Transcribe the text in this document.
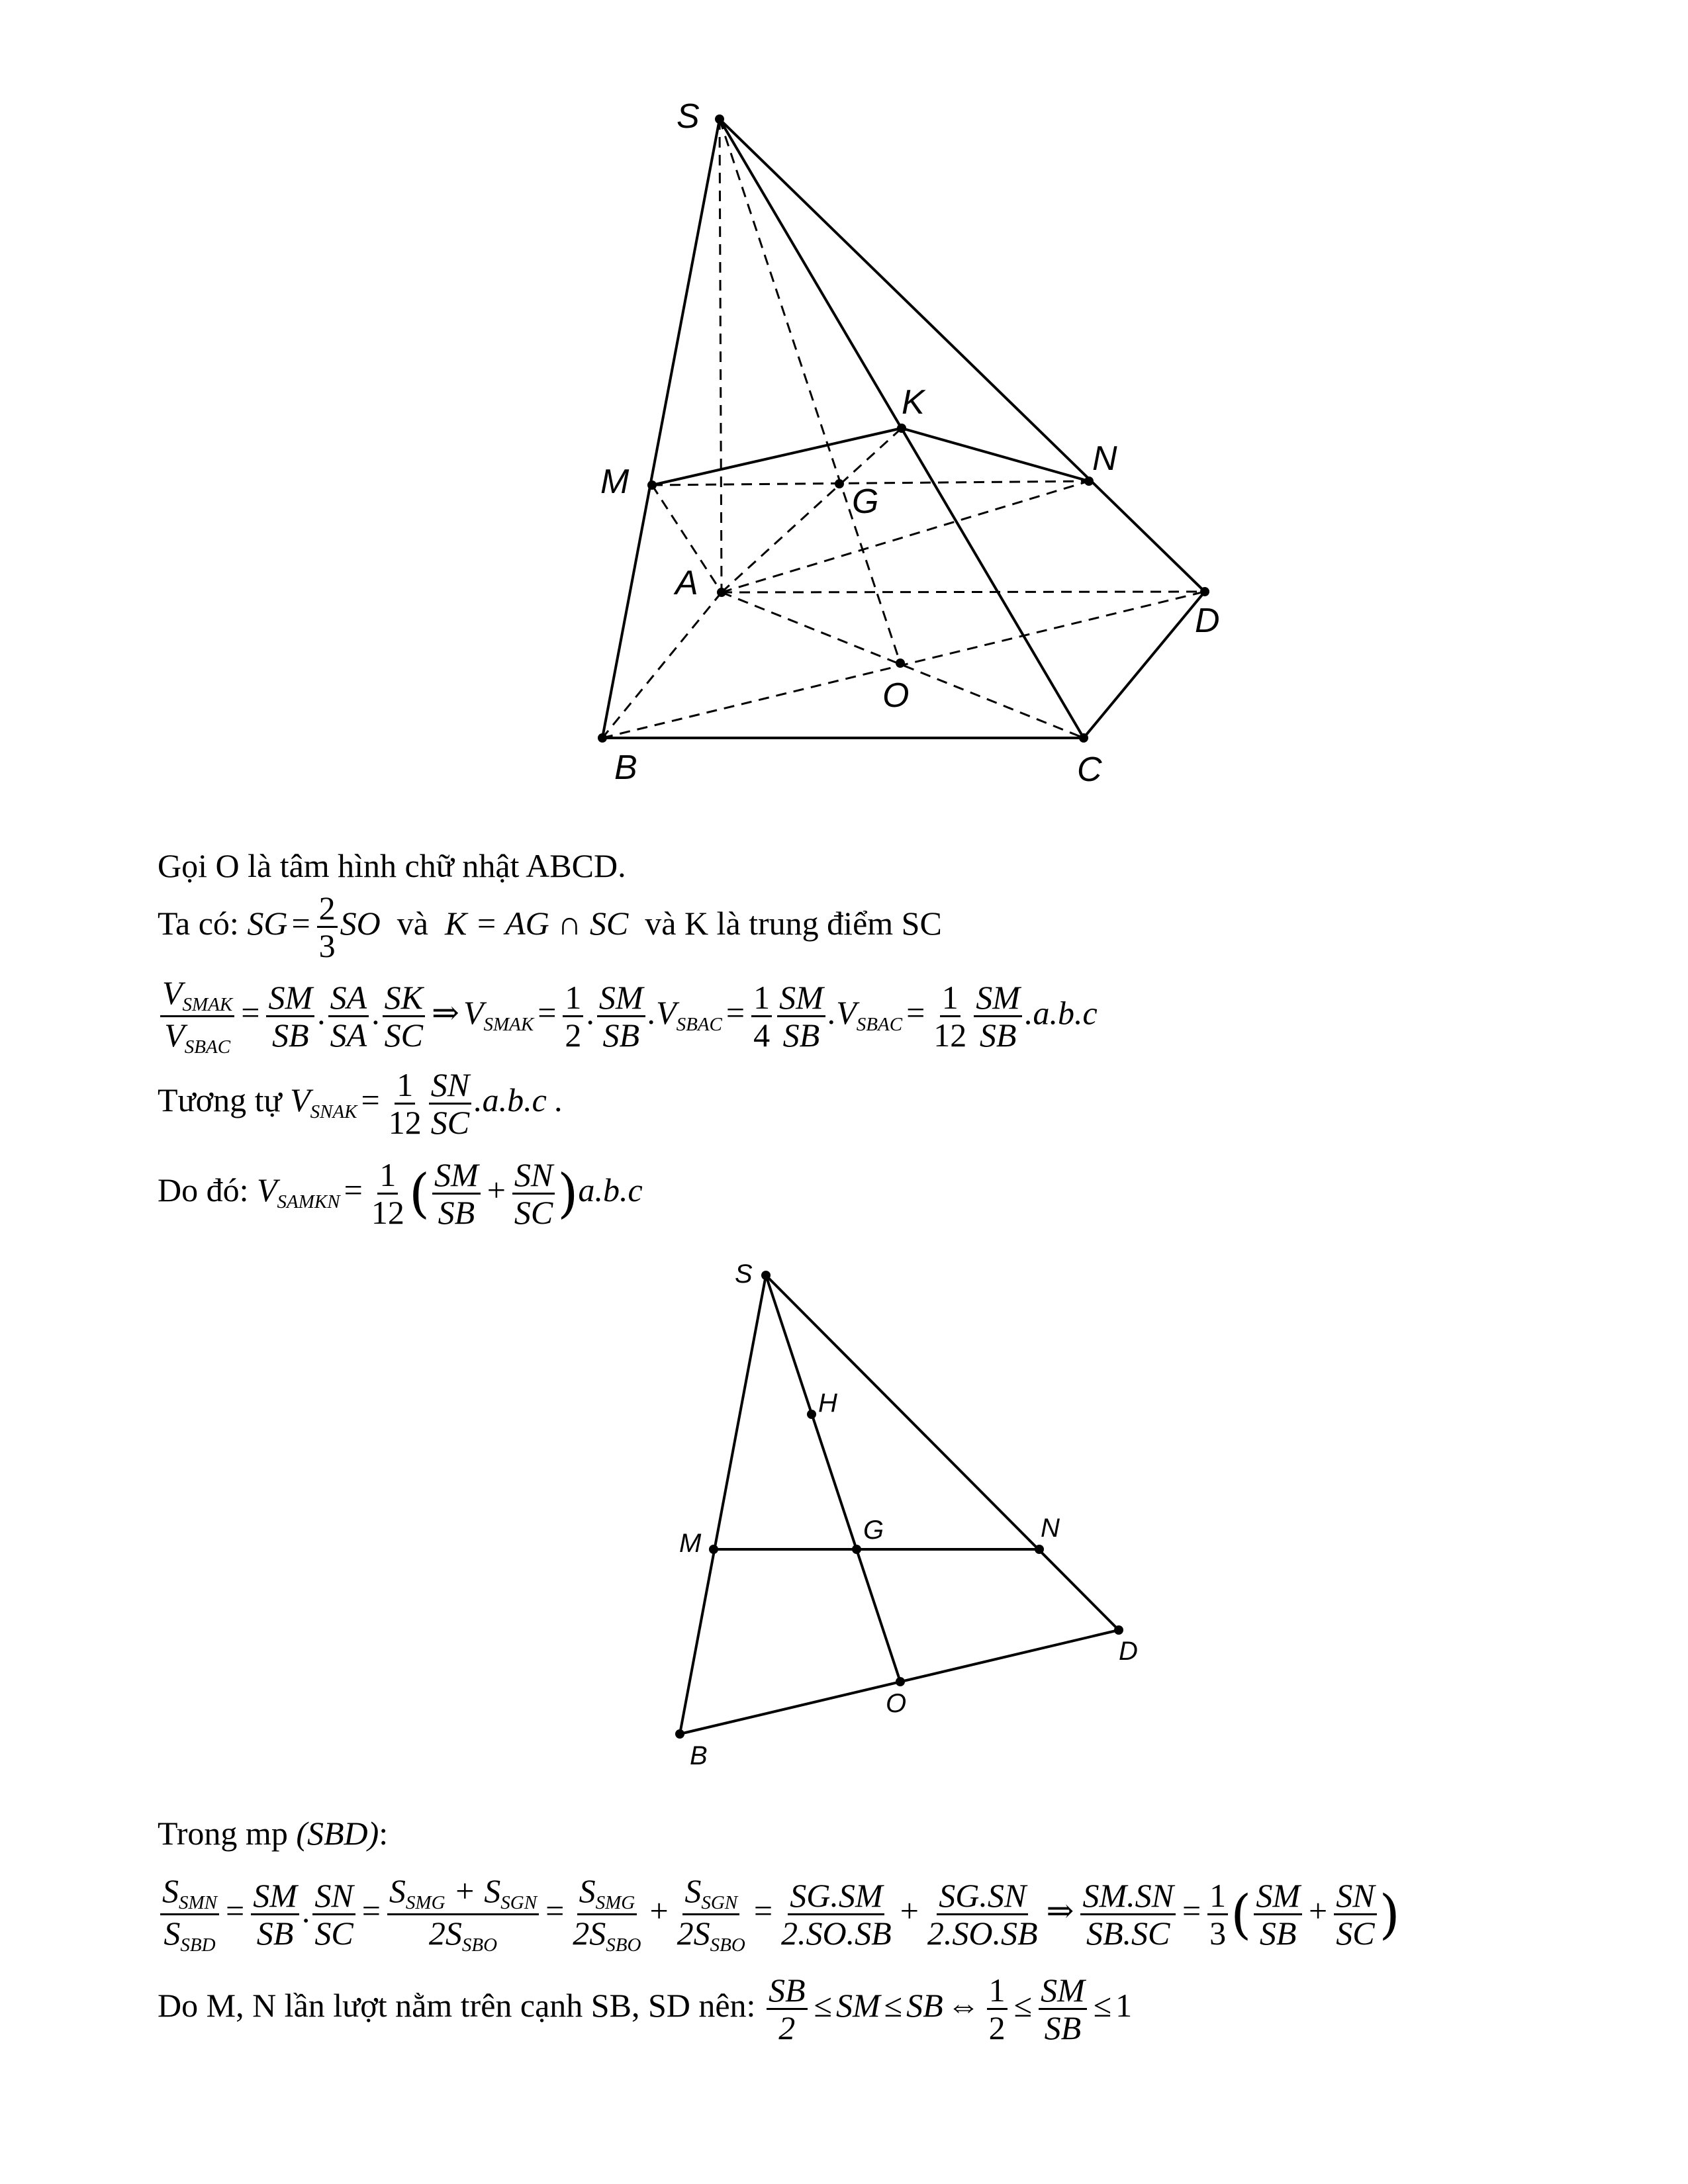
S
K
M
N
G
A
D
O
B	C
Gọi O là tâm hình chữ nhật ABCD.
Ta có: SG = $\frac{2}{3}$ SO và K = AG ∩ SC và K là trung điểm SC
$\frac{V_{SMAK}}{V_{SBAC}} = \frac{SM}{SB}$ . $\frac{SA}{SA}$ . $\frac{SK}{SC}$ ⇒ $V_{SMAK} = \frac{1}{2}$ . $\frac{SM}{SB} .V_{SBAC} = \frac{1}{4} \frac{SM}{SB} .V_{SBAC} = \frac{1}{12} \frac{SM}{SB} .a.b.c$
Tương tự $V_{SNAK} = \frac{1}{12} \frac{SN}{SC} .a.b.c$ .
Do đó: $V_{SAMKN} = \frac{1}{12}$ ( $\frac{SM}{SB} + \frac{SN}{SC} )a.b.c$
S
H
M	G	N
D
O
B
Trong mp (SBD):
$\frac{S_{SMN}}{S_{SBD}} = \frac{SM}{SB}$ . $\frac{SN}{SC} = \frac{S_{SMG} + S_{SGN}}{2S_{SBO}} = \frac{S_{SMG}}{2S_{SBO}} + \frac{S_{SGN}}{2S_{SBO}} = \frac{SG.SM}{2.SO.SB} + \frac{SG.SN}{2.SO.SB}$ ⇒ $\frac{SM.SN}{SB.SC} = \frac{1}{3}$ ( $\frac{SM}{SB} + \frac{SN}{SC}$ )
Do M, N lần lượt nằm trên cạnh SB, SD nên: $\frac{SB}{2}$ ≤ SM ≤ SB ⇔ $\frac{1}{2} \le \frac{SM}{SB} \le 1$
